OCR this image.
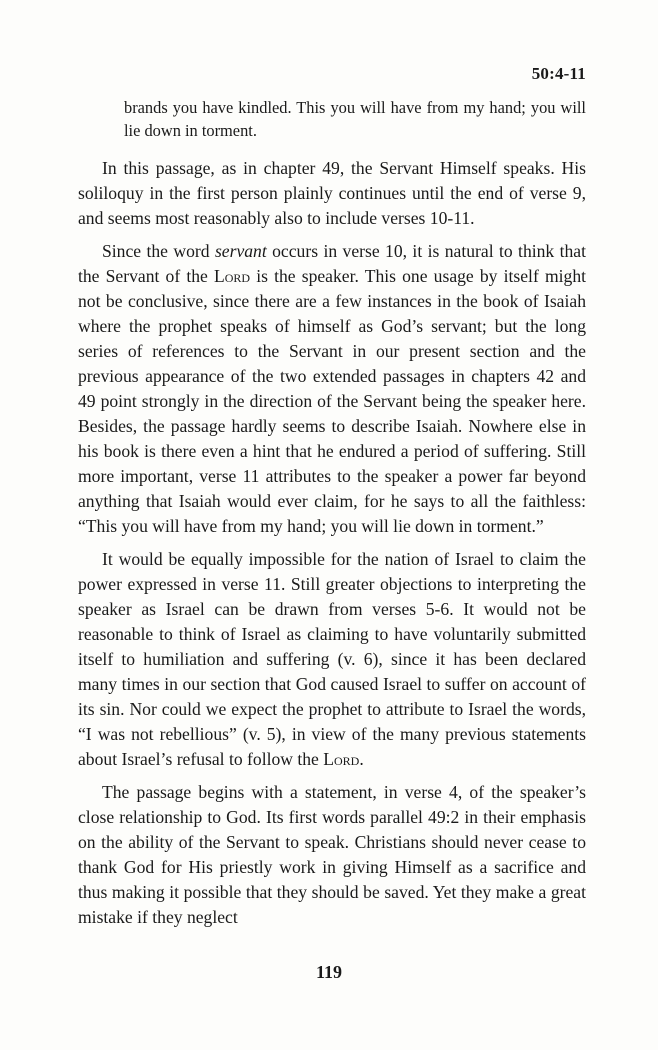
50:4-11

brands you have kindled. This you will have from my hand; you will lie down in torment.

In this passage, as in chapter 49, the Servant Himself speaks. His soliloquy in the first person plainly continues until the end of verse 9, and seems most reasonably also to include verses 10-11.

Since the word servant occurs in verse 10, it is natural to think that the Servant of the Lord is the speaker. This one usage by itself might not be conclusive, since there are a few instances in the book of Isaiah where the prophet speaks of himself as God’s servant; but the long series of references to the Servant in our present section and the previous appearance of the two extended passages in chapters 42 and 49 point strongly in the direction of the Servant being the speaker here. Besides, the passage hardly seems to describe Isaiah. Nowhere else in his book is there even a hint that he endured a period of suffering. Still more important, verse 11 attributes to the speaker a power far beyond anything that Isaiah would ever claim, for he says to all the faithless: “This you will have from my hand; you will lie down in torment.”

It would be equally impossible for the nation of Israel to claim the power expressed in verse 11. Still greater objections to interpreting the speaker as Israel can be drawn from verses 5-6. It would not be reasonable to think of Israel as claiming to have voluntarily submitted itself to humiliation and suffering (v. 6), since it has been declared many times in our section that God caused Israel to suffer on account of its sin. Nor could we expect the prophet to attribute to Israel the words, “I was not rebellious” (v. 5), in view of the many previous statements about Israel’s refusal to follow the Lord.

The passage begins with a statement, in verse 4, of the speaker’s close relationship to God. Its first words parallel 49:2 in their emphasis on the ability of the Servant to speak. Christians should never cease to thank God for His priestly work in giving Himself as a sacrifice and thus making it possible that they should be saved. Yet they make a great mistake if they neglect

119
